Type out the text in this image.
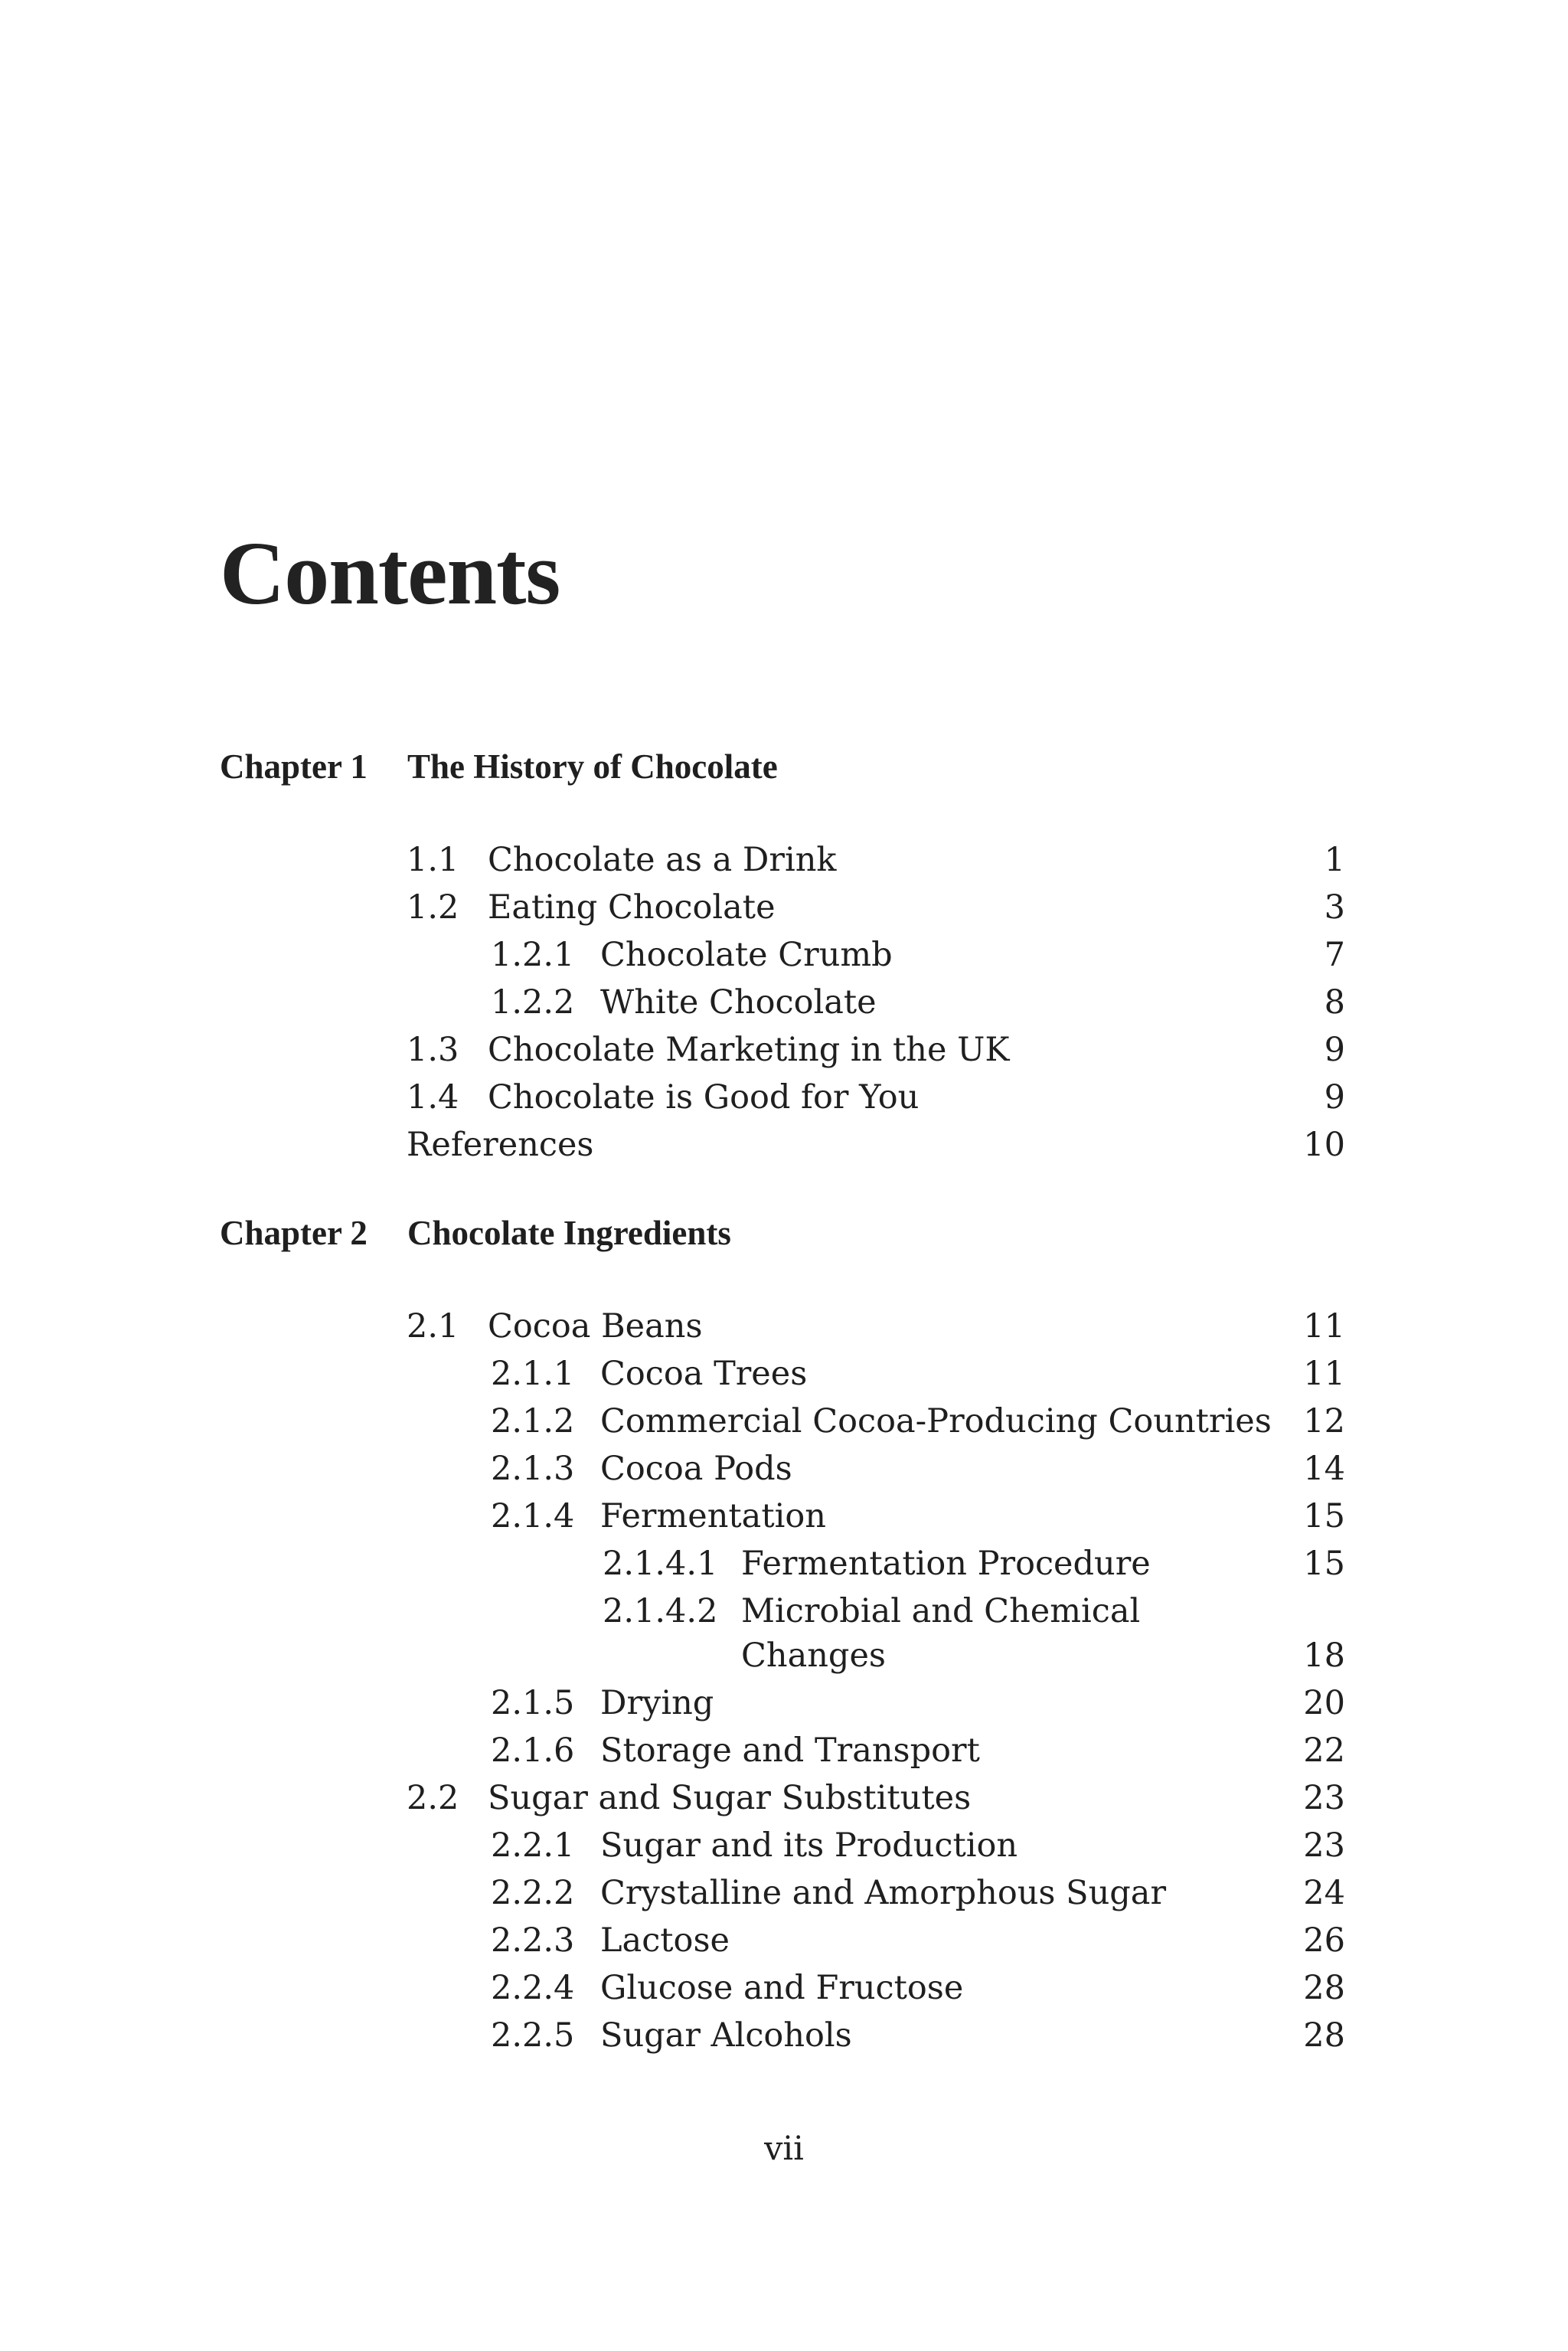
Contents
Chapter 1 The History of Chocolate
1.1 Chocolate as a Drink	1
1.2 Eating Chocolate	3
1.2.1 Chocolate Crumb	7
1.2.2 White Chocolate	8
1.3 Chocolate Marketing in the UK	9
1.4 Chocolate is Good for You	9
References	10
Chapter 2 Chocolate Ingredients
2.1 Cocoa Beans	11
2.1.1 Cocoa Trees	11
2.1.2 Commercial Cocoa-Producing Countries 12
2.1.3 Cocoa Pods	14
2.1.4 Fermentation	15
2.1.4.1 Fermentation Procedure	15
2.1.4.2 Microbial and Chemical
Changes	18
2.1.5 Drying	20
2.1.6 Storage and Transport	22
2.2 Sugar and Sugar Substitutes	23
2.2.1 Sugar and its Production	23
2.2.2 Crystalline and Amorphous Sugar	24
2.2.3 Lactose	26
2.2.4 Glucose and Fructose	28
2.2.5 Sugar Alcohols	28
vii
